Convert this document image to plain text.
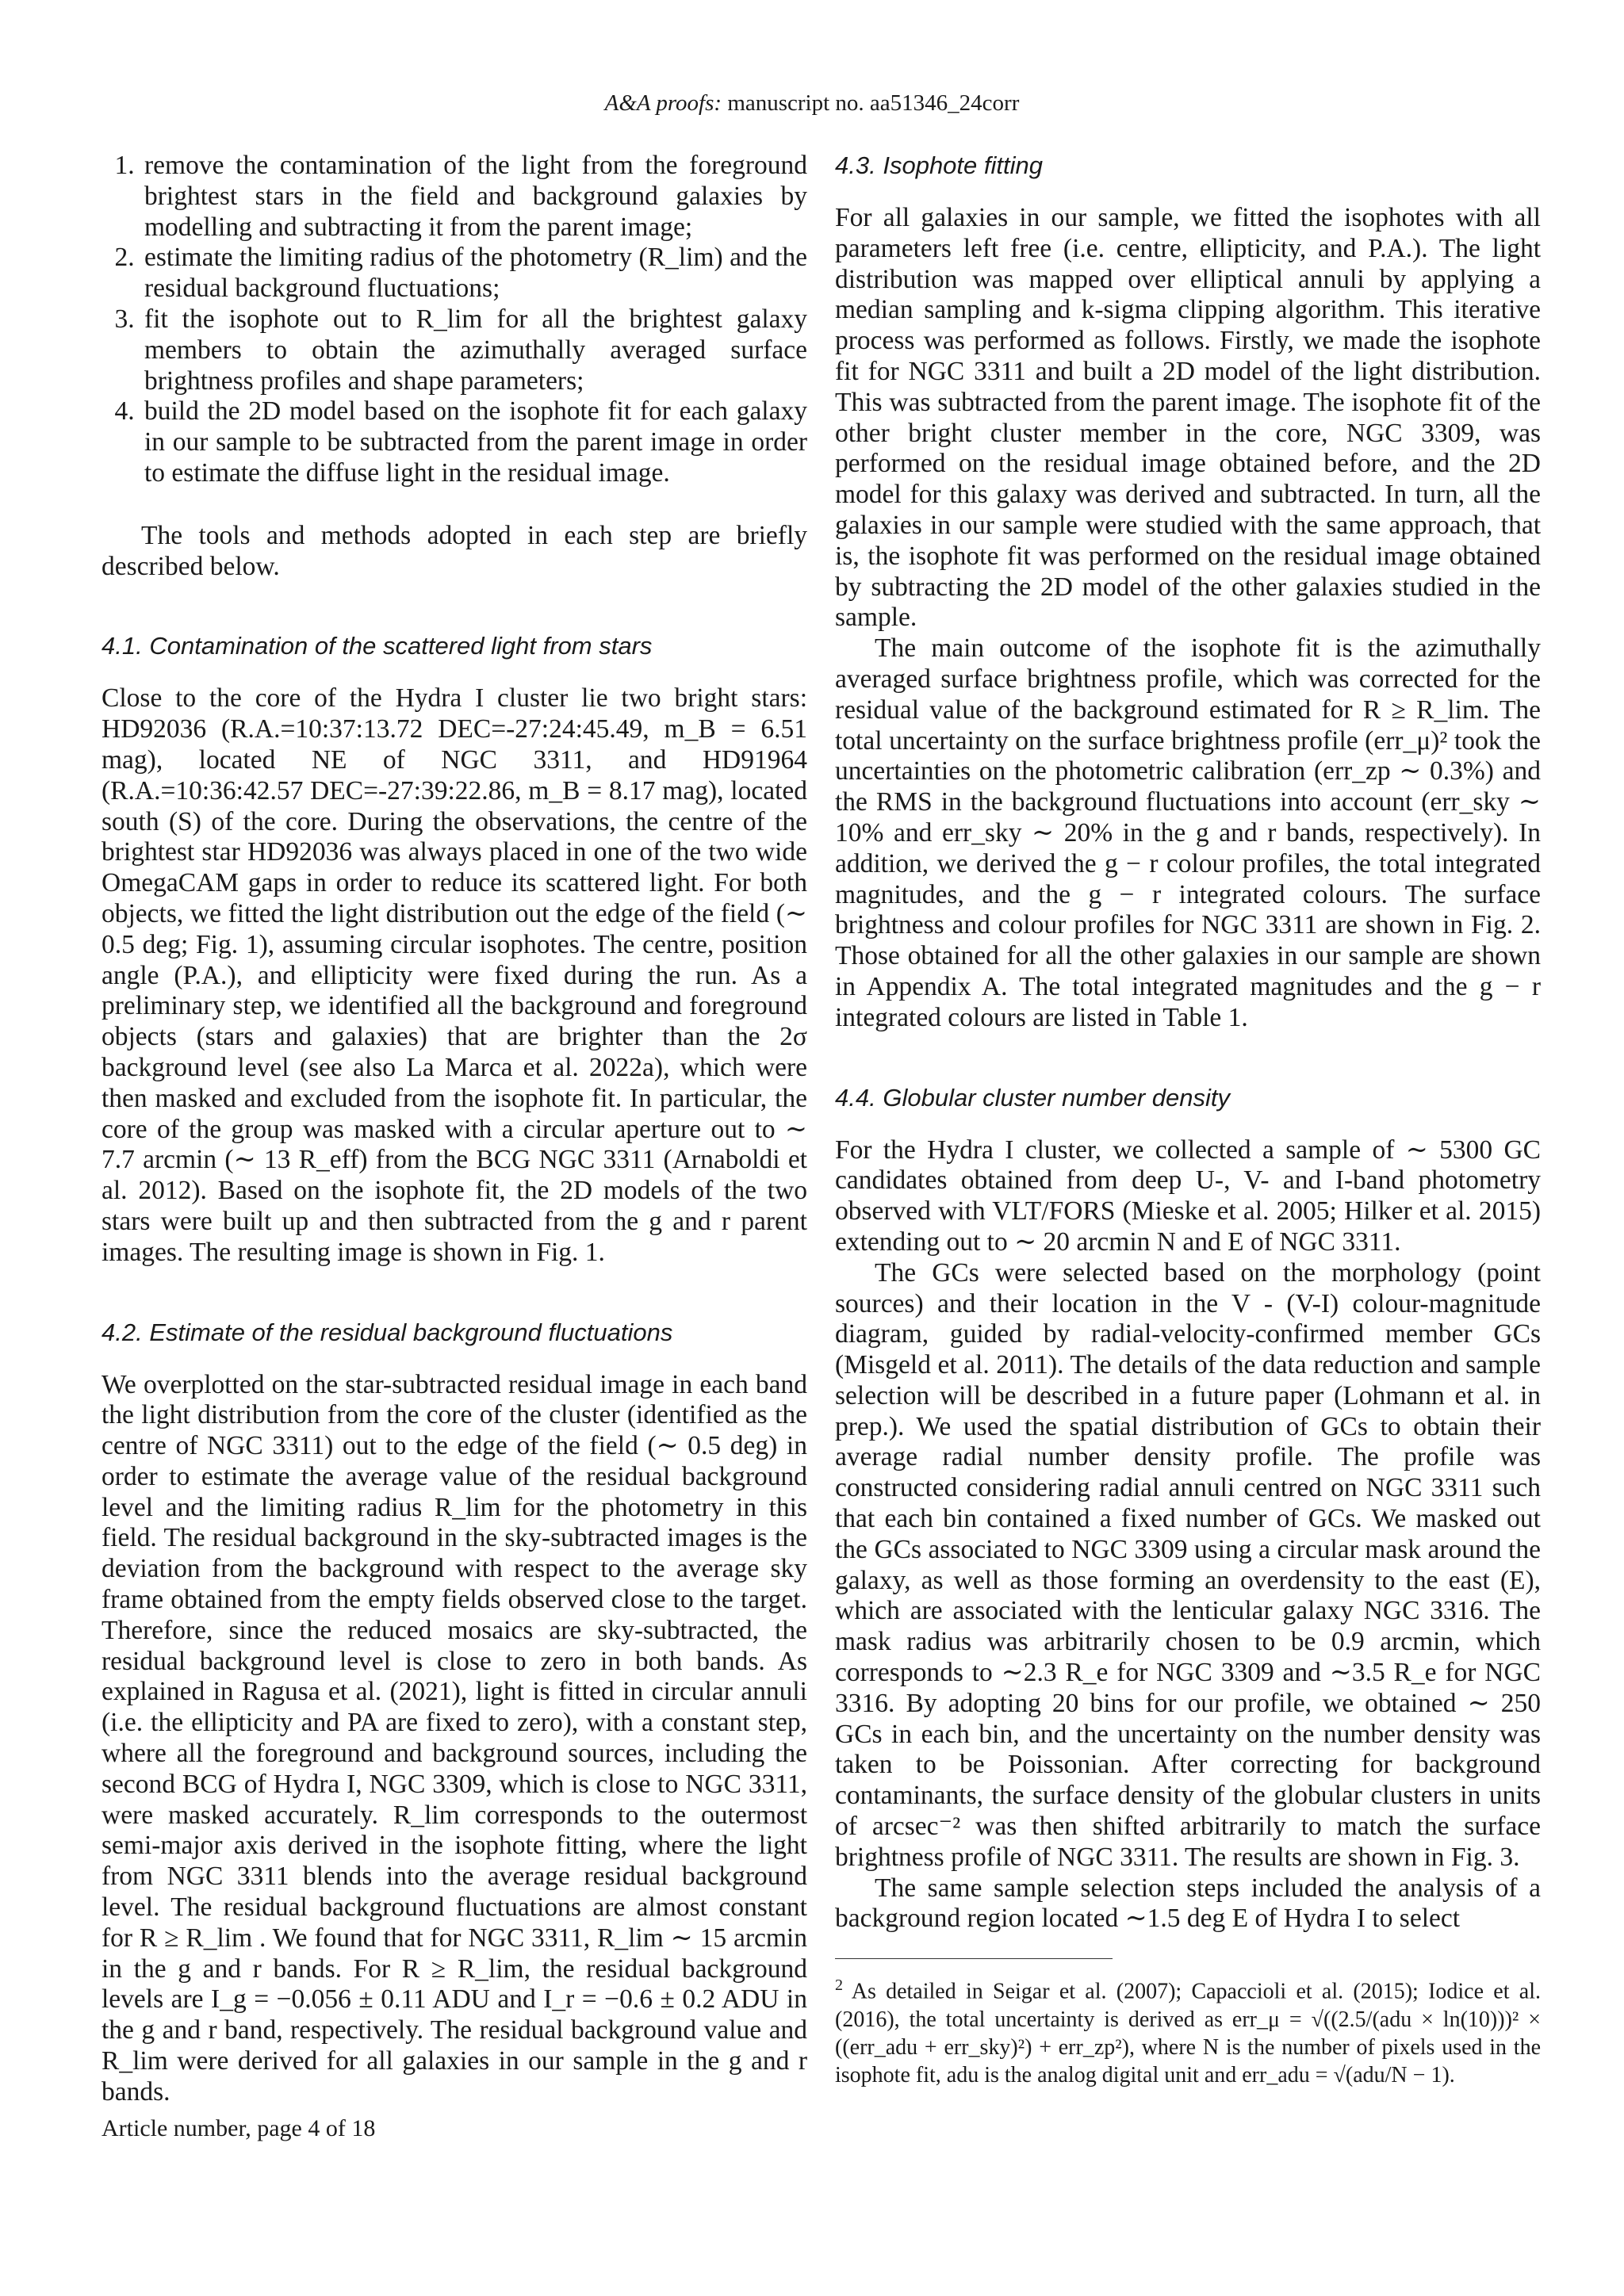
A&A proofs: manuscript no. aa51346_24corr
1. remove the contamination of the light from the foreground brightest stars in the field and background galaxies by modelling and subtracting it from the parent image;
2. estimate the limiting radius of the photometry (R_lim) and the residual background fluctuations;
3. fit the isophote out to R_lim for all the brightest galaxy members to obtain the azimuthally averaged surface brightness profiles and shape parameters;
4. build the 2D model based on the isophote fit for each galaxy in our sample to be subtracted from the parent image in order to estimate the diffuse light in the residual image.

The tools and methods adopted in each step are briefly described below.

4.1. Contamination of the scattered light from stars

Close to the core of the Hydra I cluster lie two bright stars: HD92036 (R.A.=10:37:13.72 DEC=-27:24:45.49, m_B = 6.51 mag), located NE of NGC 3311, and HD91964 (R.A.=10:36:42.57 DEC=-27:39:22.86, m_B = 8.17 mag), located south (S) of the core. During the observations, the centre of the brightest star HD92036 was always placed in one of the two wide OmegaCAM gaps in order to reduce its scattered light. For both objects, we fitted the light distribution out the edge of the field (∼ 0.5 deg; Fig. 1), assuming circular isophotes. The centre, position angle (P.A.), and ellipticity were fixed during the run. As a preliminary step, we identified all the background and foreground objects (stars and galaxies) that are brighter than the 2σ background level (see also La Marca et al. 2022a), which were then masked and excluded from the isophote fit. In particular, the core of the group was masked with a circular aperture out to ∼ 7.7 arcmin (∼ 13 R_eff) from the BCG NGC 3311 (Arnaboldi et al. 2012). Based on the isophote fit, the 2D models of the two stars were built up and then subtracted from the g and r parent images. The resulting image is shown in Fig. 1.

4.2. Estimate of the residual background fluctuations

We overplotted on the star-subtracted residual image in each band the light distribution from the core of the cluster (identified as the centre of NGC 3311) out to the edge of the field (∼ 0.5 deg) in order to estimate the average value of the residual background level and the limiting radius R_lim for the photometry in this field. The residual background in the sky-subtracted images is the deviation from the background with respect to the average sky frame obtained from the empty fields observed close to the target. Therefore, since the reduced mosaics are sky-subtracted, the residual background level is close to zero in both bands. As explained in Ragusa et al. (2021), light is fitted in circular annuli (i.e. the ellipticity and PA are fixed to zero), with a constant step, where all the foreground and background sources, including the second BCG of Hydra I, NGC 3309, which is close to NGC 3311, were masked accurately. R_lim corresponds to the outermost semi-major axis derived in the isophote fitting, where the light from NGC 3311 blends into the average residual background level. The residual background fluctuations are almost constant for R ≥ R_lim . We found that for NGC 3311, R_lim ∼ 15 arcmin in the g and r bands. For R ≥ R_lim, the residual background levels are I_g = −0.056 ± 0.11 ADU and I_r = −0.6 ± 0.2 ADU in the g and r band, respectively. The residual background value and R_lim were derived for all galaxies in our sample in the g and r bands.

4.3. Isophote fitting

For all galaxies in our sample, we fitted the isophotes with all parameters left free (i.e. centre, ellipticity, and P.A.). The light distribution was mapped over elliptical annuli by applying a median sampling and k-sigma clipping algorithm. This iterative process was performed as follows. Firstly, we made the isophote fit for NGC 3311 and built a 2D model of the light distribution. This was subtracted from the parent image. The isophote fit of the other bright cluster member in the core, NGC 3309, was performed on the residual image obtained before, and the 2D model for this galaxy was derived and subtracted. In turn, all the galaxies in our sample were studied with the same approach, that is, the isophote fit was performed on the residual image obtained by subtracting the 2D model of the other galaxies studied in the sample.

The main outcome of the isophote fit is the azimuthally averaged surface brightness profile, which was corrected for the residual value of the background estimated for R ≥ R_lim. The total uncertainty on the surface brightness profile (err_μ)² took the uncertainties on the photometric calibration (err_zp ∼ 0.3%) and the RMS in the background fluctuations into account (err_sky ∼ 10% and err_sky ∼ 20% in the g and r bands, respectively). In addition, we derived the g − r colour profiles, the total integrated magnitudes, and the g − r integrated colours. The surface brightness and colour profiles for NGC 3311 are shown in Fig. 2. Those obtained for all the other galaxies in our sample are shown in Appendix A. The total integrated magnitudes and the g − r integrated colours are listed in Table 1.

4.4. Globular cluster number density

For the Hydra I cluster, we collected a sample of ∼ 5300 GC candidates obtained from deep U-, V- and I-band photometry observed with VLT/FORS (Mieske et al. 2005; Hilker et al. 2015) extending out to ∼ 20 arcmin N and E of NGC 3311.

The GCs were selected based on the morphology (point sources) and their location in the V - (V-I) colour-magnitude diagram, guided by radial-velocity-confirmed member GCs (Misgeld et al. 2011). The details of the data reduction and sample selection will be described in a future paper (Lohmann et al. in prep.). We used the spatial distribution of GCs to obtain their average radial number density profile. The profile was constructed considering radial annuli centred on NGC 3311 such that each bin contained a fixed number of GCs. We masked out the GCs associated to NGC 3309 using a circular mask around the galaxy, as well as those forming an overdensity to the east (E), which are associated with the lenticular galaxy NGC 3316. The mask radius was arbitrarily chosen to be 0.9 arcmin, which corresponds to ∼2.3 R_e for NGC 3309 and ∼3.5 R_e for NGC 3316. By adopting 20 bins for our profile, we obtained ∼ 250 GCs in each bin, and the uncertainty on the number density was taken to be Poissonian. After correcting for background contaminants, the surface density of the globular clusters in units of arcsec⁻² was then shifted arbitrarily to match the surface brightness profile of NGC 3311. The results are shown in Fig. 3.

The same sample selection steps included the analysis of a background region located ∼1.5 deg E of Hydra I to select

$^2$ As detailed in Seigar et al. (2007); Capaccioli et al. (2015); Iodice et al. (2016), the total uncertainty is derived as err_μ = √((2.5/(adu × ln(10)))² × ((err_adu + err_sky)²) + err_zp²), where N is the number of pixels used in the isophote fit, adu is the analog digital unit and err_adu = √(adu/N − 1).
Article number, page 4 of 18
